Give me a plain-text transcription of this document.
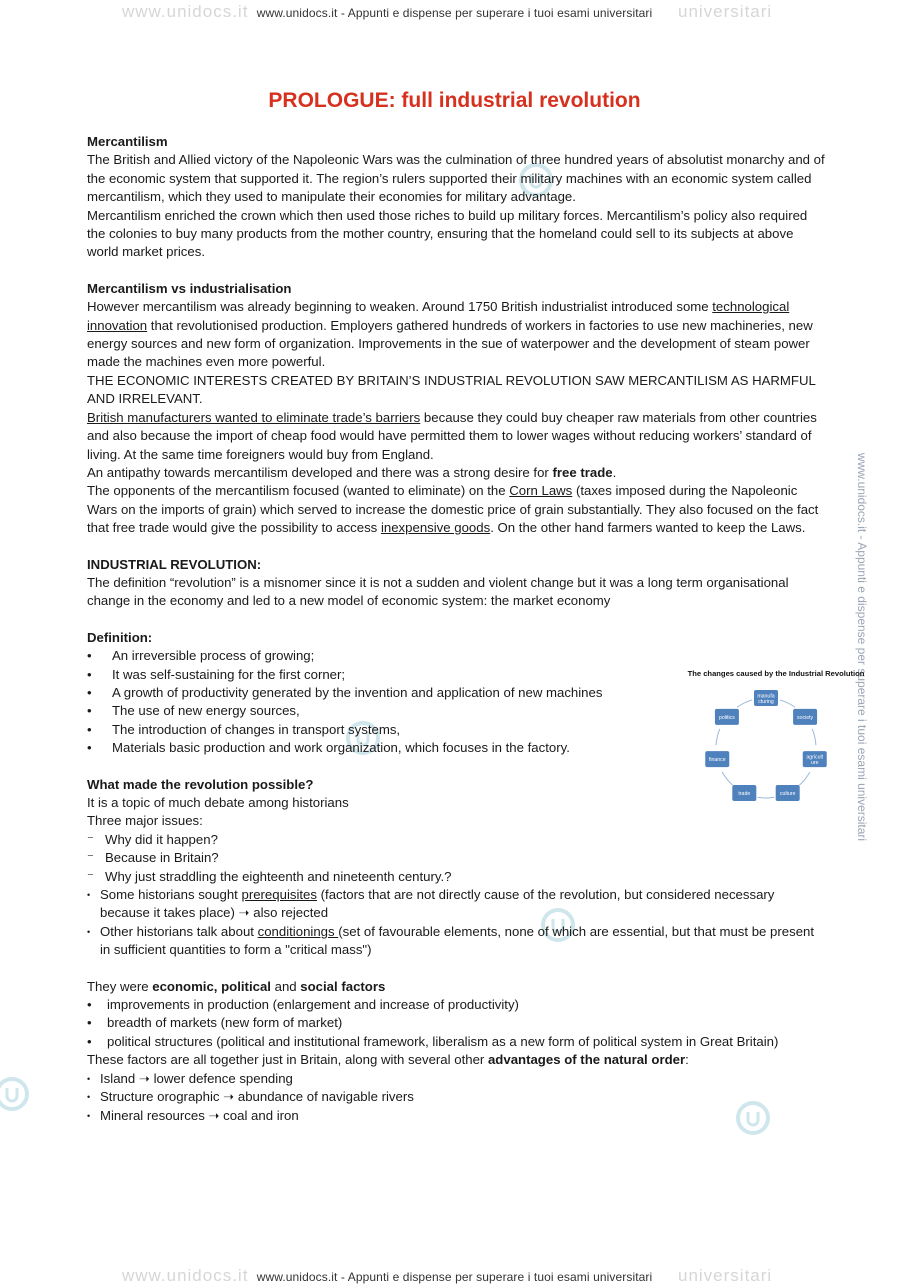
www.unidocs.it www.unidocs.it - Appunti e dispense per superare i tuoi esami universitari universitari
www.unidocs.it - Appunti e dispense per superare i tuoi esami universitari
PROLOGUE: full industrial revolution

Mercantilism

The British and Allied victory of the Napoleonic Wars was the culmination of three hundred years of absolutist monarchy and of the economic system that supported it. The region’s rulers supported their military machines with an economic system called mercantilism, which they used to manipulate their economies for military advantage.

Mercantilism enriched the crown which then used those riches to build up military forces. Mercantilism’s policy also required the colonies to buy many products from the mother country, ensuring that the homeland could sell to its subjects at above world market prices.

Mercantilism vs industrialisation

However mercantilism was already beginning to weaken. Around 1750 British industrialist introduced some technological innovation that revolutionised production. Employers gathered hundreds of workers in factories to use new machineries, new energy sources and new form of organization. Improvements in the sue of waterpower and the development of steam power made the machines even more powerful.

THE ECONOMIC INTERESTS CREATED BY BRITAIN’S INDUSTRIAL REVOLUTION SAW MERCANTILISM AS HARMFUL AND IRRELEVANT.

British manufacturers wanted to eliminate trade’s barriers because they could buy cheaper raw materials from other countries and also because the import of cheap food would have permitted them to lower wages without reducing workers’ standard of living. At the same time foreigners would buy from England.

An antipathy towards mercantilism developed and there was a strong desire for free trade.

The opponents of the mercantilism focused (wanted to eliminate) on the Corn Laws (taxes imposed during the Napoleonic Wars on the imports of grain) which served to increase the domestic price of grain substantially. They also focused on the fact that free trade would give the possibility to access inexpensive goods. On the other hand farmers wanted to keep the Laws.

INDUSTRIAL REVOLUTION:

The definition “revolution” is a misnomer since it is not a sudden and violent change but it was a long term organisational change in the economy and led to a new model of economic system: the market economy

Definition:

• An irreversible process of growing;
• It was self-sustaining for the first corner;
• A growth of productivity generated by the invention and application of new machines
• The use of new energy sources,
• The introduction of changes in transport systems,
• Materials basic production and work organization, which focuses in the factory.

What made the revolution possible?

It is a topic of much debate among historians

Three major issues:

⁻ Why did it happen?
⁻ Because in Britain?
⁻ Why just straddling the eighteenth and nineteenth century.?
• Some historians sought prerequisites (factors that are not directly cause of the revolution, but considered necessary because it takes place) ➝ also rejected
• Other historians talk about conditionings (set of favourable elements, none of which are essential, but that must be present in sufficient quantities to form a "critical mass")

They were economic, political and social factors

• improvements in production (enlargement and increase of productivity)
• breadth of markets (new form of market)
• political structures (political and institutional framework, liberalism as a new form of political system in Great Britain)

These factors are all together just in Britain, along with several other advantages of the natural order:

• Island ➝ lower defence spending
• Structure orographic ➝ abundance of navigable rivers
• Mineral resources ➝ coal and iron
The changes caused by the Industrial Revolution
manufa
cturing
society
agricult
ure
culture
trade
finance
politics
www.unidocs.it www.unidocs.it - Appunti e dispense per superare i tuoi esami universitari universitari
